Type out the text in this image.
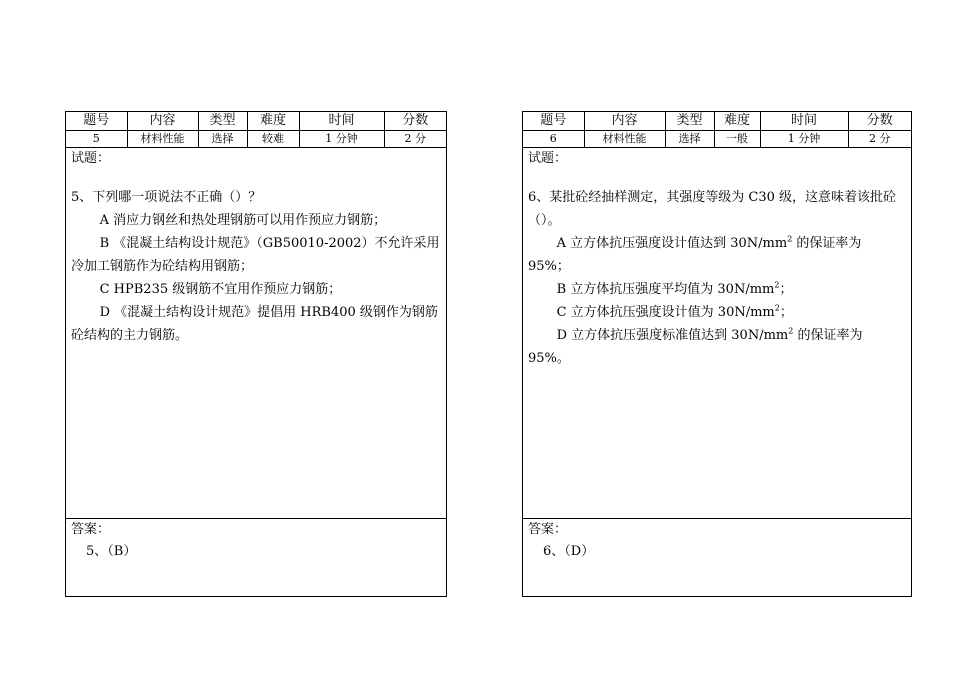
题号	内容	类型	难度	时间	分数
5	材料性能	选择	较难	1 分钟	2 分
试题：
5、下列哪一项说法不正确（）？
A 消应力钢丝和热处理钢筋可以用作预应力钢筋；
B 《混凝土结构设计规范》（GB50010-2002）不允许采用冷加工钢筋作为砼结构用钢筋；
C HPB235 级钢筋不宜用作预应力钢筋；
D 《混凝土结构设计规范》提倡用 HRB400 级钢作为钢筋砼结构的主力钢筋。
答案：
5、（B）
题号	内容	类型	难度	时间	分数
6	材料性能	选择	一般	1 分钟	2 分
试题：
6、某批砼经抽样测定，其强度等级为 C30 级，这意味着该批砼（）。
A 立方体抗压强度设计值达到 $30N/mm^2$ 的保证率为 95%；
B 立方体抗压强度平均值为 $30N/mm^2$；
C 立方体抗压强度设计值为 $30N/mm^2$；
D 立方体抗压强度标准值达到 $30N/mm^2$ 的保证率为 95%。
答案：
6、（D）
